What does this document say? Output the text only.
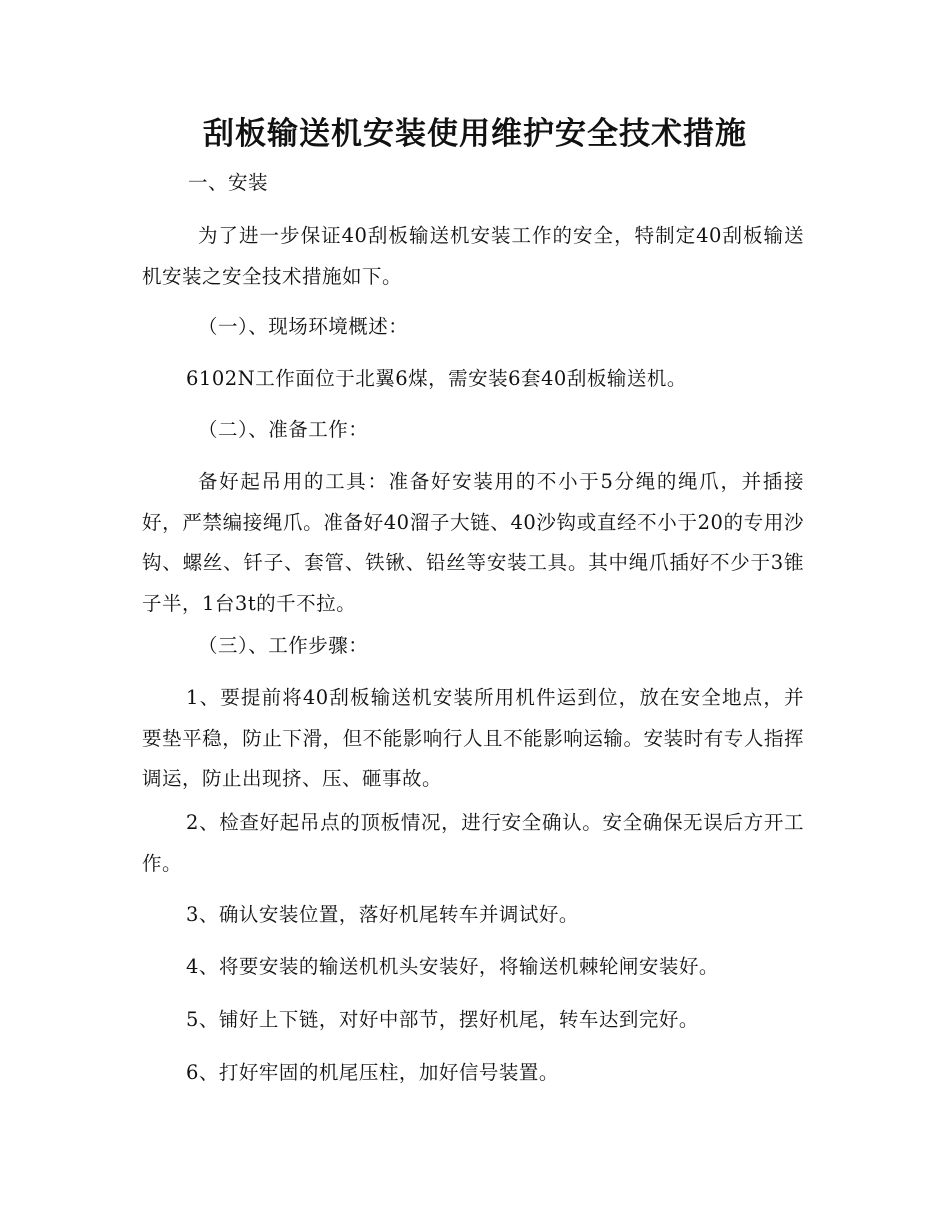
刮板输送机安装使用维护安全技术措施

一、安装

为了进一步保证40刮板输送机安装工作的安全，特制定40刮板输送机安装之安全技术措施如下。

（一）、现场环境概述：

6102N工作面位于北翼6煤，需安装6套40刮板输送机。

（二）、准备工作：

备好起吊用的工具：准备好安装用的不小于5分绳的绳爪，并插接好，严禁编接绳爪。准备好40溜子大链、40沙钩或直经不小于20的专用沙钩、螺丝、钎子、套管、铁锹、铅丝等安装工具。其中绳爪插好不少于3锥子半，1台3t的千不拉。

（三）、工作步骤：

1、要提前将40刮板输送机安装所用机件运到位，放在安全地点，并要垫平稳，防止下滑，但不能影响行人且不能影响运输。安装时有专人指挥调运，防止出现挤、压、砸事故。

2、检查好起吊点的顶板情况，进行安全确认。安全确保无误后方开工作。

3、确认安装位置，落好机尾转车并调试好。

4、将要安装的输送机机头安装好，将输送机棘轮闸安装好。

5、铺好上下链，对好中部节，摆好机尾，转车达到完好。

6、打好牢固的机尾压柱，加好信号装置。
